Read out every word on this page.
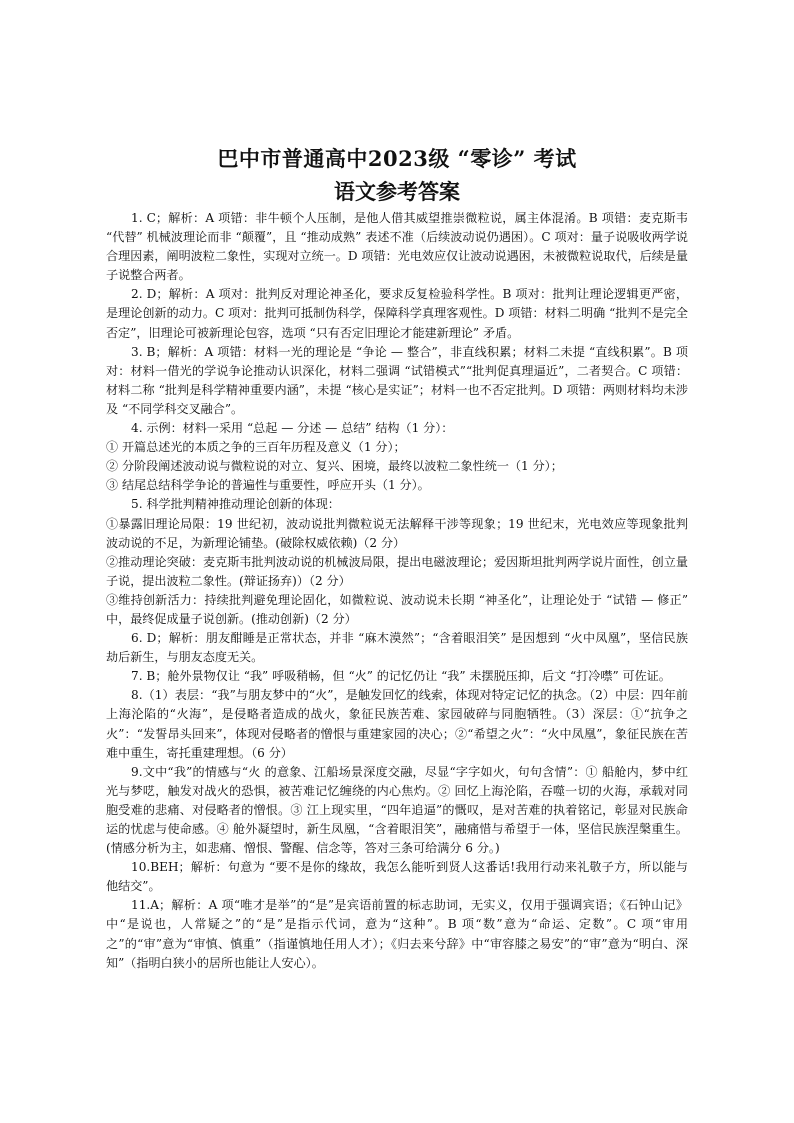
巴中市普通高中2023级 “零诊” 考试
语文参考答案

1. C；解析：A 项错：非牛顿个人压制，是他人借其威望推崇微粒说，属主体混淆。B 项错：麦克斯韦 “代替” 机械波理论而非 “颠覆”，且 “推动成熟” 表述不准（后续波动说仍遇困）。C 项对：量子说吸收两学说合理因素，阐明波粒二象性，实现对立统一。D 项错：光电效应仅让波动说遇困，未被微粒说取代，后续是量子说整合两者。

2. D；解析：A 项对：批判反对理论神圣化，要求反复检验科学性。B 项对：批判让理论逻辑更严密，是理论创新的动力。C 项对：批判可抵制伪科学，保障科学真理客观性。D 项错：材料二明确 “批判不是完全否定”，旧理论可被新理论包容，选项 “只有否定旧理论才能建新理论” 矛盾。

3. B；解析：A 项错：材料一光的理论是 “争论 — 整合”，非直线积累；材料二未提 “直线积累”。B 项对：材料一借光的学说争论推动认识深化，材料二强调 “试错模式”“批判促真理逼近”，二者契合。C 项错：材料二称 “批判是科学精神重要内涵”，未提 “核心是实证”；材料一也不否定批判。D 项错：两则材料均未涉及 “不同学科交叉融合”。

4. 示例：材料一采用 “总起 — 分述 — 总结” 结构（1 分）：

① 开篇总述光的本质之争的三百年历程及意义（1 分）；

② 分阶段阐述波动说与微粒说的对立、复兴、困境，最终以波粒二象性统一（1 分）；

③ 结尾总结科学争论的普遍性与重要性，呼应开头（1 分）。

5. 科学批判精神推动理论创新的体现：

①暴露旧理论局限：19 世纪初，波动说批判微粒说无法解释干涉等现象；19 世纪末，光电效应等现象批判波动说的不足，为新理论铺垫。(破除权威依赖)（2 分）

②推动理论突破：麦克斯韦批判波动说的机械波局限，提出电磁波理论；爱因斯坦批判两学说片面性，创立量子说，提出波粒二象性。(辩证扬弃)）（2 分）

③维持创新活力：持续批判避免理论固化，如微粒说、波动说未长期 “神圣化”，让理论处于 “试错 — 修正” 中，最终促成量子说创新。(推动创新)（2 分）

6. D；解析：朋友酣睡是正常状态，并非 “麻木漠然”；“含着眼泪笑” 是因想到 “火中凤凰”，坚信民族劫后新生，与朋友态度无关。

7. B；舱外景物仅让 “我” 呼吸稍畅，但 “火” 的记忆仍让 “我” 未摆脱压抑，后文 “打冷噤” 可佐证。

8.（1）表层：“我”与朋友梦中的“火”，是触发回忆的线索，体现对特定记忆的执念。（2）中层：四年前上海沦陷的“火海”，是侵略者造成的战火，象征民族苦难、家园破碎与同胞牺牲。（3）深层：①“抗争之火”：“发誓昂头回来”，体现对侵略者的憎恨与重建家园的决心；②“希望之火”：“火中凤凰”，象征民族在苦难中重生，寄托重建理想。（6 分）

9.文中“我”的情感与“火 的意象、江船场景深度交融，尽显“字字如火，句句含情”：① 船舱内，梦中红光与梦呓，触发对战火的恐惧，被苦难记忆缠绕的内心焦灼。② 回忆上海沦陷，吞噬一切的火海，承载对同胞受难的悲痛、对侵略者的憎恨。③ 江上现实里，“四年追逼”的慨叹，是对苦难的执着铭记，彰显对民族命运的忧虑与使命感。④ 舱外凝望时，新生凤凰，“含着眼泪笑”，融痛惜与希望于一体，坚信民族涅槃重生。(情感分析为主，如悲痛、憎恨、警醒、信念等，答对三条可给满分 6 分。)

10.BEH；解析：句意为 “要不是你的缘故，我怎么能听到贤人这番话!我用行动来礼敬子方，所以能与他结交”。

11.A；解析：A 项“唯才是举”的“是”是宾语前置的标志助词，无实义，仅用于强调宾语；《石钟山记》中“是说也，人常疑之”的“是”是指示代词，意为“这种”。B 项“数”意为“命运、定数”。C 项“审用之”的“审”意为“审慎、慎重”（指谨慎地任用人才）；《归去来兮辞》中“审容膝之易安”的“审”意为“明白、深知”（指明白狭小的居所也能让人安心）。
